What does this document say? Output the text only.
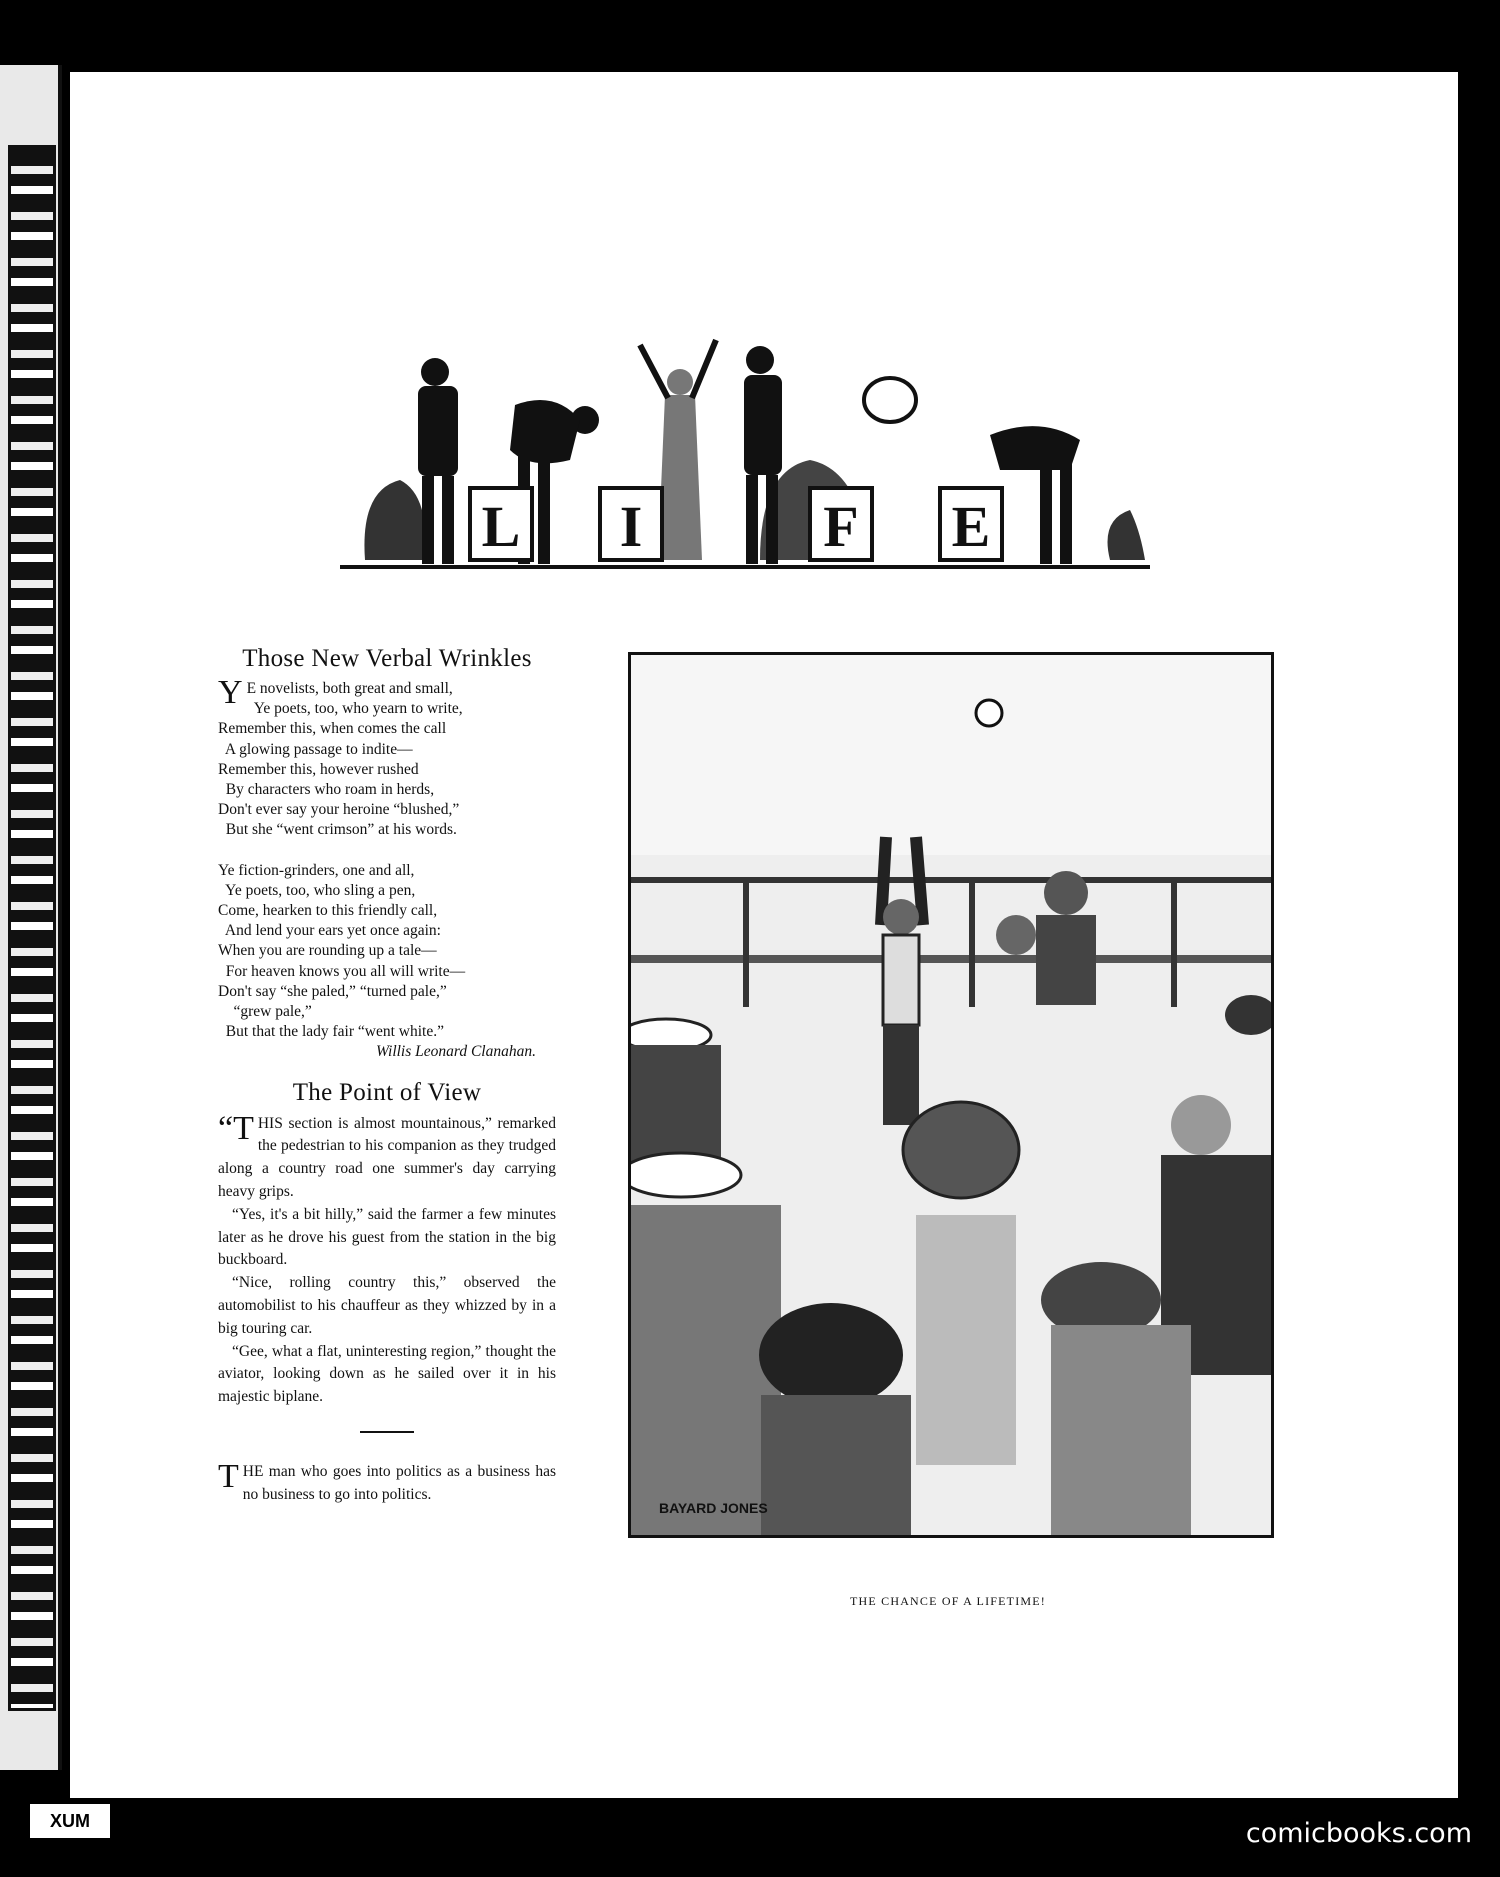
L I	F E
Those New Verbal Wrinkles
Y E novelists, both great and small,
Ye poets, too, who yearn to write,
Remember this, when comes the call
A glowing passage to indite—
Remember this, however rushed
By characters who roam in herds,
Don't ever say your heroine “blushed,”
But she “went crimson” at his words.
Ye fiction-grinders, one and all,
Ye poets, too, who sling a pen,
Come, hearken to this friendly call,
And lend your ears yet once again:
When you are rounding up a tale—
For heaven knows you all will write—
Don't say “she paled,” “turned pale,”
“grew pale,”
But that the lady fair “went white.”
Willis Leonard Clanahan.
The Point of View

“THIS section is almost mountainous,” remarked the pedestrian to his companion as they trudged along a country road one summer's day carrying heavy grips.

“Yes, it's a bit hilly,” said the farmer a few minutes later as he drove his guest from the station in the big buckboard.

“Nice, rolling country this,” observed the automobilist to his chauffeur as they whizzed by in a big touring car.

“Gee, what a flat, uninteresting region,” thought the aviator, looking down as he sailed over it in his majestic biplane.

THE man who goes into politics as a business has no business to go into politics.

BAYARD JONES
THE CHANCE OF A LIFETIME!
XUM	comicbooks.com
